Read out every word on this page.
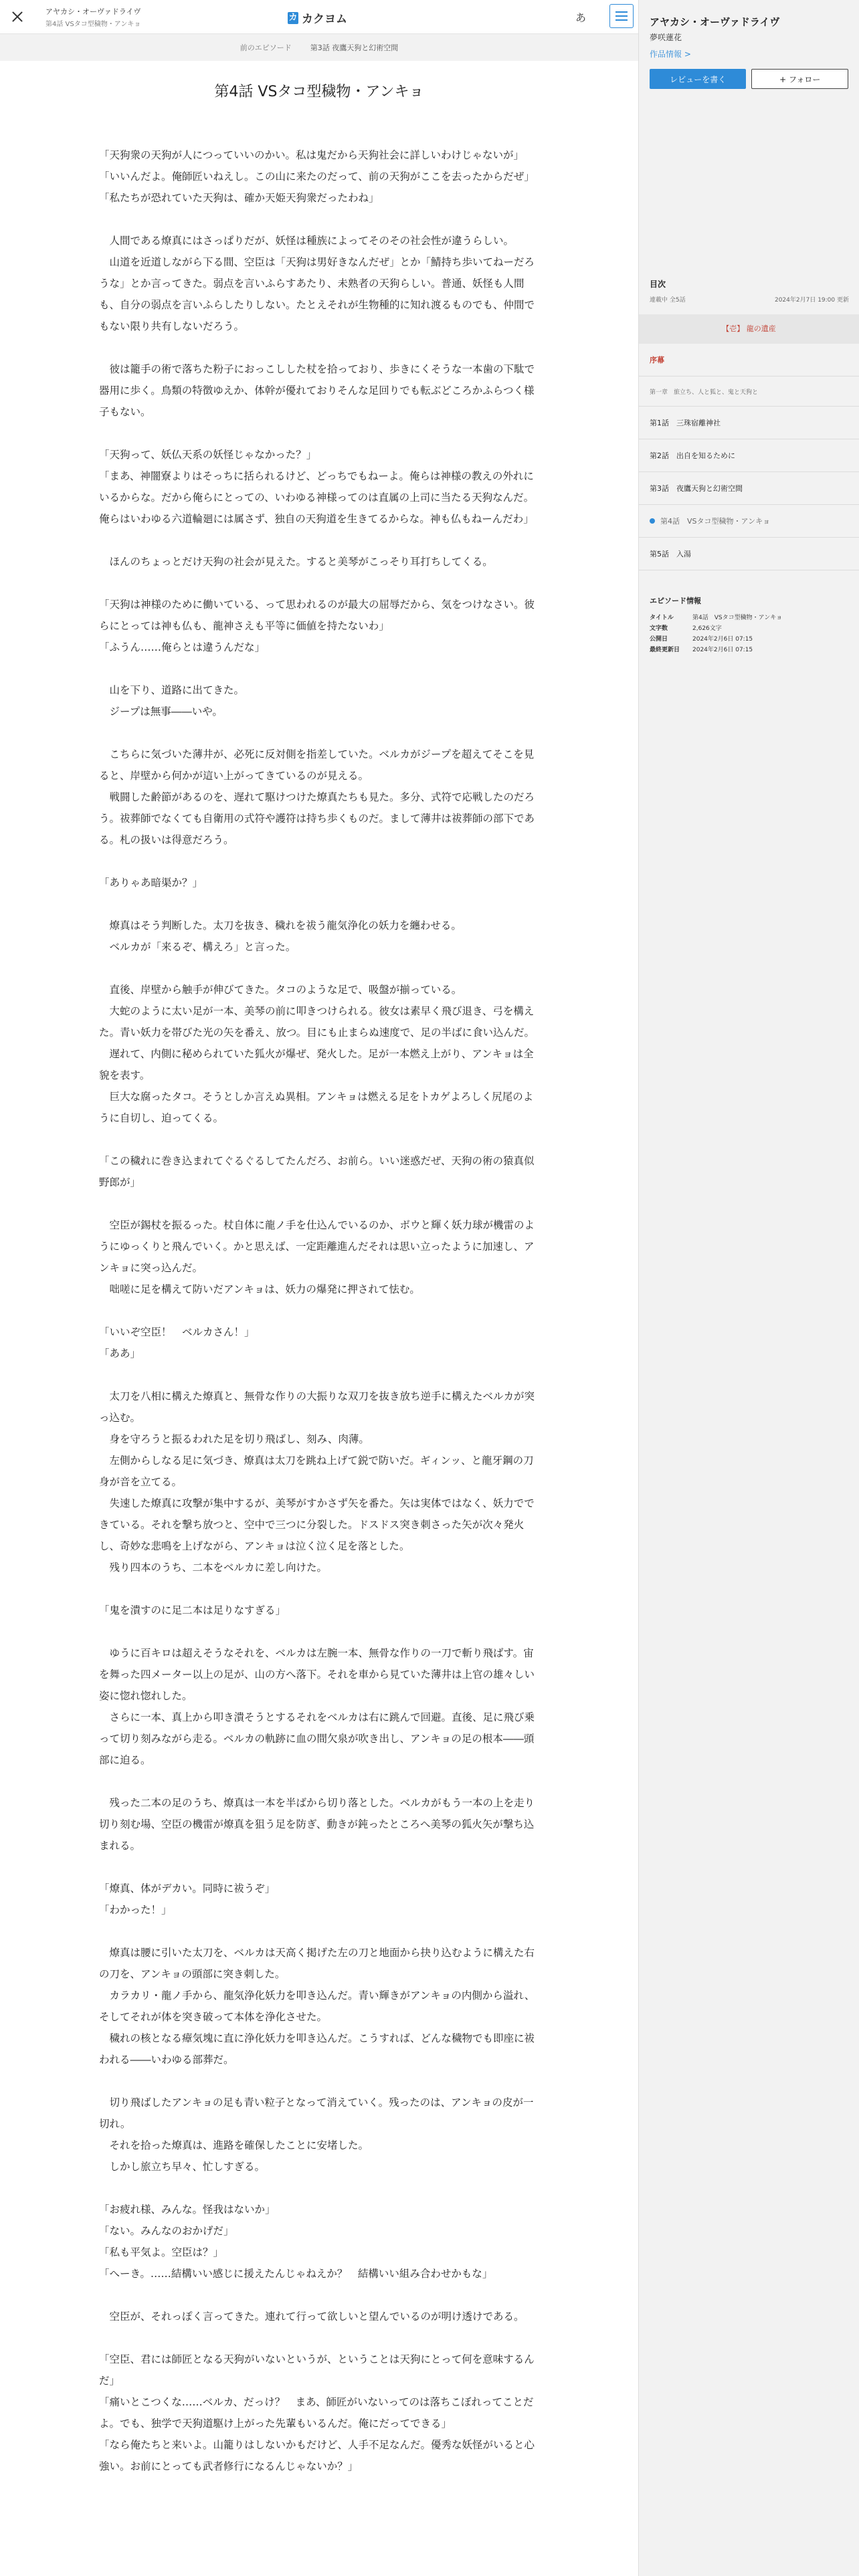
アヤカシ・オーヴァドライヴ
第4話 VSタコ型穢物・アンキョ
カ カクヨム	あ
前のエピソード	第3話 夜鷹天狗と幻術空間
第4話 VSタコ型穢物・アンキョ

「天狗衆の天狗が人につっていいのかい。私は鬼だから天狗社会に詳しいわけじゃないが」

「いいんだよ。俺師匠いねえし。この山に来たのだって、前の天狗がここを去ったからだぜ」

「私たちが恐れていた天狗は、確か天姫天狗衆だったわね」

　人間である燎真にはさっぱりだが、妖怪は種族によってそのその社会性が違うらしい。

　山道を近道しながら下る間、空臣は「天狗は男好きなんだぜ」とか「鯖持ち歩いてねーだろうな」とか言ってきた。弱点を言いふらすあたり、未熟者の天狗らしい。普通、妖怪も人間も、自分の弱点を言いふらしたりしない。たとえそれが生物種的に知れ渡るものでも、仲間でもない限り共有しないだろう。

　彼は籠手の術で落ちた粉子におっこしした杖を拾っており、歩きにくそうな一本歯の下駄で器用に歩く。鳥類の特徴ゆえか、体幹が優れておりそんな足回りでも転ぶどころかふらつく様子もない。

「天狗って、妖仏天系の妖怪じゃなかった？」

「まあ、神闇寮よりはそっちに括られるけど、どっちでもねーよ。俺らは神様の教えの外れにいるからな。だから俺らにとっての、いわゆる神様ってのは直属の上司に当たる天狗なんだ。俺らはいわゆる六道輪廻には属さず、独自の天狗道を生きてるからな。神も仏もねーんだわ」

　ほんのちょっとだけ天狗の社会が見えた。すると美琴がこっそり耳打ちしてくる。

「天狗は神様のために働いている、って思われるのが最大の屈辱だから、気をつけなさい。彼らにとっては神も仏も、龍神さえも平等に価値を持たないわ」

「ふうん……俺らとは違うんだな」

　山を下り、道路に出てきた。

　ジープは無事――いや。

　こちらに気づいた薄井が、必死に反対側を指差していた。ベルカがジープを超えてそこを見ると、岸壁から何かが這い上がってきているのが見える。

　戦闘した齢節があるのを、遅れて駆けつけた燎真たちも見た。多分、式符で応戦したのだろう。祓葬師でなくても自衛用の式符や護符は持ち歩くものだ。まして薄井は祓葬師の部下である。札の扱いは得意だろう。

「ありゃあ暗渠か？」

　燎真はそう判断した。太刀を抜き、穢れを祓う龍気浄化の妖力を纏わせる。

　ベルカが「来るぞ、構えろ」と言った。

　直後、岸壁から触手が伸びてきた。タコのような足で、吸盤が揃っている。

　大蛇のように太い足が一本、美琴の前に叩きつけられる。彼女は素早く飛び退き、弓を構えた。青い妖力を帯びた光の矢を番え、放つ。目にも止まらぬ速度で、足の半ばに食い込んだ。

　遅れて、内側に秘められていた狐火が爆ぜ、発火した。足が一本燃え上がり、アンキョは全貌を表す。

　巨大な腐ったタコ。そうとしか言えぬ異相。アンキョは燃える足をトカゲよろしく尻尾のように自切し、迫ってくる。

「この穢れに巻き込まれてぐるぐるしてたんだろ、お前ら。いい迷惑だぜ、天狗の術の猿真似野郎が」

　空臣が錫杖を振るった。杖自体に龍ノ手を仕込んでいるのか、ボウと輝く妖力球が機雷のようにゆっくりと飛んでいく。かと思えば、一定距離進んだそれは思い立ったように加速し、アンキョに突っ込んだ。

　咄嗟に足を構えて防いだアンキョは、妖力の爆発に押されて怯む。

「いいぞ空臣！　ベルカさん！」

「ああ」

　太刀を八相に構えた燎真と、無骨な作りの大振りな双刀を抜き放ち逆手に構えたベルカが突っ込む。

　身を守ろうと振るわれた足を切り飛ばし、刻み、肉薄。

　左側からしなる足に気づき、燎真は太刀を跳ね上げて鋭で防いだ。ギィンッ、と龍牙鋼の刀身が音を立てる。

　失速した燎真に攻撃が集中するが、美琴がすかさず矢を番た。矢は実体ではなく、妖力でできている。それを撃ち放つと、空中で三つに分裂した。ドスドス突き刺さった矢が次々発火し、奇妙な悲鳴を上げながら、アンキョは泣く泣く足を落とした。

　残り四本のうち、二本をベルカに差し向けた。

「鬼を潰すのに足二本は足りなすぎる」

　ゆうに百キロは超えそうなそれを、ベルカは左腕一本、無骨な作りの一刀で斬り飛ばす。宙を舞った四メーター以上の足が、山の方へ落下。それを車から見ていた薄井は上官の雄々しい姿に惚れ惚れした。

　さらに一本、真上から叩き潰そうとするそれをベルカは右に跳んで回避。直後、足に飛び乗って切り刻みながら走る。ベルカの軌跡に血の間欠泉が吹き出し、アンキョの足の根本――頭部に迫る。

　残った二本の足のうち、燎真は一本を半ばから切り落とした。ベルカがもう一本の上を走り切り刻む場、空臣の機雷が燎真を狙う足を防ぎ、動きが鈍ったところへ美琴の狐火矢が撃ち込まれる。

「燎真、体がデカい。同時に祓うぞ」

「わかった！」

　燎真は腰に引いた太刀を、ベルカは天高く掲げた左の刀と地面から抉り込むように構えた右の刀を、アンキョの頭部に突き刺した。

　カラカリ・龍ノ手から、龍気浄化妖力を叩き込んだ。青い輝きがアンキョの内側から溢れ、そしてそれが体を突き破って本体を浄化させた。

　穢れの核となる瘴気塊に直に浄化妖力を叩き込んだ。こうすれば、どんな穢物でも即座に祓われる――いわゆる部葬だ。

　切り飛ばしたアンキョの足も青い粒子となって消えていく。残ったのは、アンキョの皮が一切れ。

　それを拾った燎真は、進路を確保したことに安堵した。

　しかし旅立ち早々、忙しすぎる。

「お疲れ様、みんな。怪我はないか」

「ない。みんなのおかげだ」

「私も平気よ。空臣は？」

「へーき。……結構いい感じに援えたんじゃねえか？　結構いい組み合わせかもな」

　空臣が、それっぽく言ってきた。連れて行って欲しいと望んでいるのが明け透けである。

「空臣、君には師匠となる天狗がいないというが、ということは天狗にとって何を意味するんだ」

「痛いとこつくな……ベルカ、だっけ？　まあ、師匠がいないってのは落ちこぼれってことだよ。でも、独学で天狗道駆け上がった先輩もいるんだ。俺にだってできる」

「なら俺たちと来いよ。山籠りはしないかもだけど、人手不足なんだ。優秀な妖怪がいると心強い。お前にとっても武者修行になるんじゃないか？」

アヤカシ・オーヴァドライヴ
夢咲蓮花
作品情報 >
レビューを書く	+ フォロー
目次
連載中 全5話	2024年2月7日 19:00 更新
【壱】 龍の遺産
序幕
第一章　旅立ち、人と狐と、鬼と天狗と
第1話　三珠宿離神社
第2話　出自を知るために
第3話　夜鷹天狗と幻術空間
第4話　VSタコ型穢物・アンキョ
第5話　入湯
エピソード情報
タイトル	第4話　VSタコ型穢物・アンキョ
文字数	2,626文字
公開日	2024年2月6日 07:15
最終更新日	2024年2月6日 07:15
